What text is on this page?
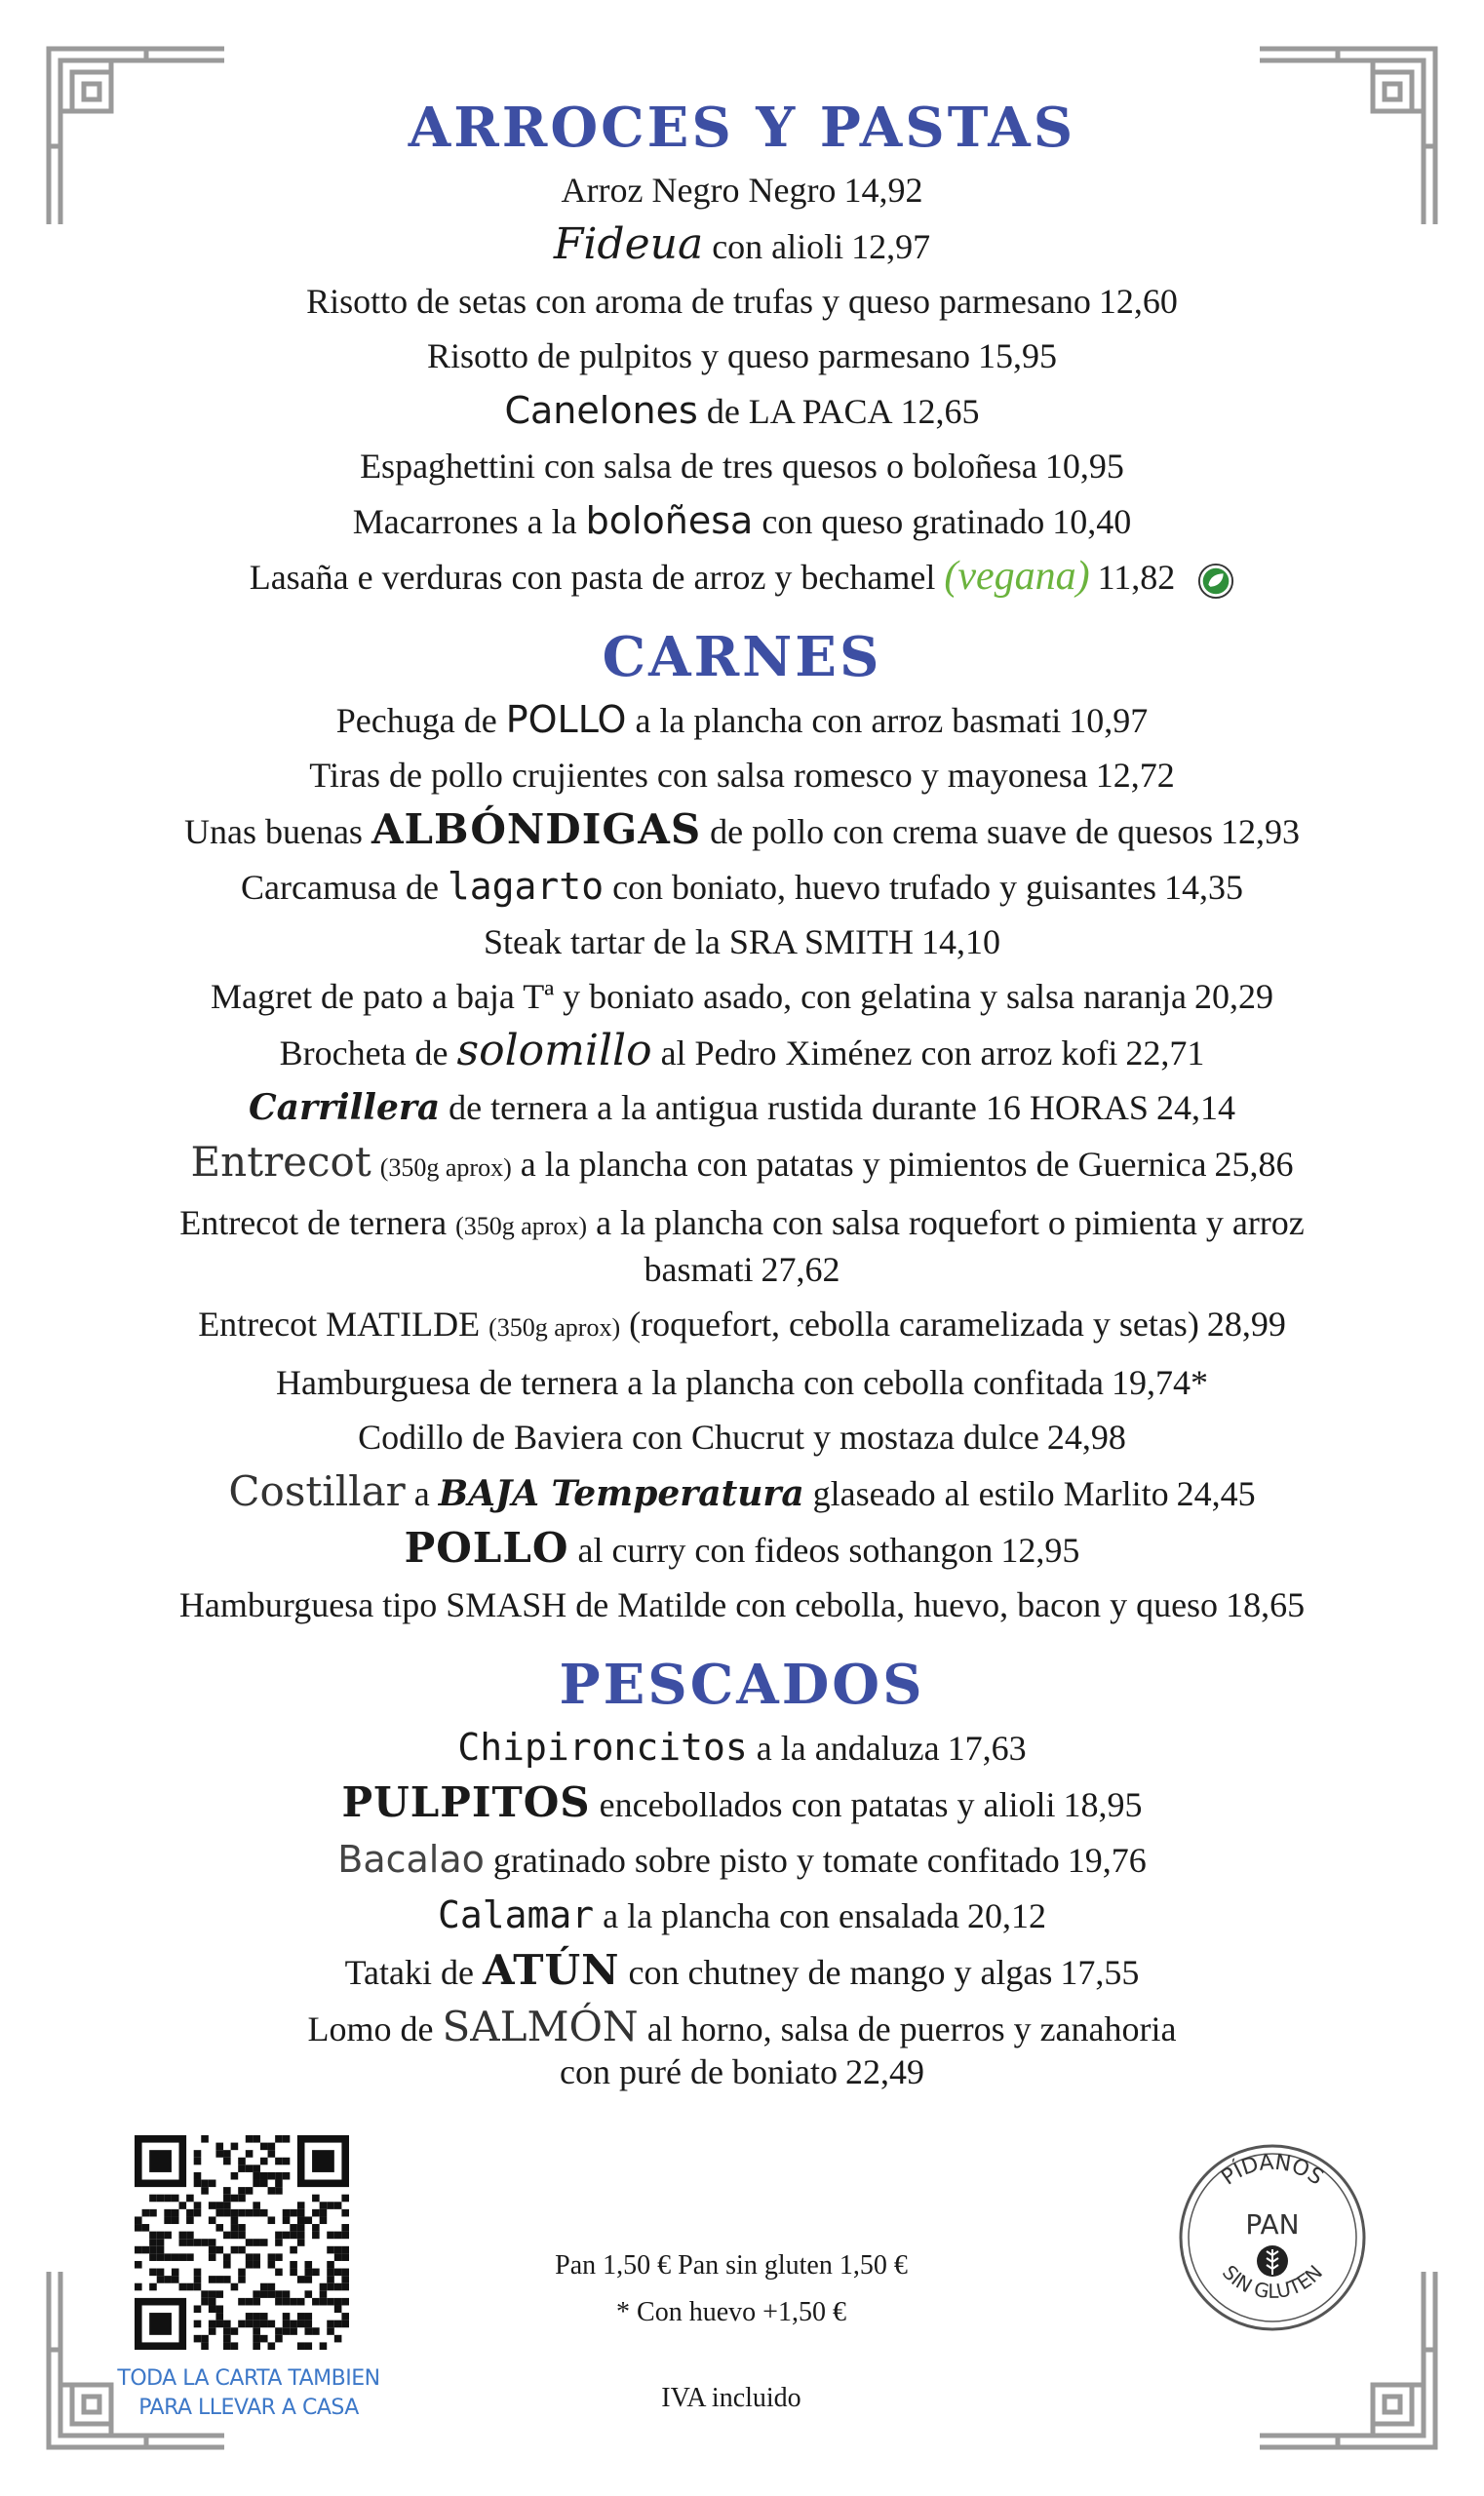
ARROCES Y PASTAS
Arroz Negro Negro 14,92
Fideua con alioli 12,97
Risotto de setas con aroma de trufas y queso parmesano 12,60
Risotto de pulpitos y queso parmesano 15,95
Canelones de LA PACA 12,65
Espaghettini con salsa de tres quesos o boloñesa 10,95
Macarrones a la boloñesa con queso gratinado 10,40
Lasaña e verduras con pasta de arroz y bechamel (vegana) 11,82
CARNES
Pechuga de POLLO a la plancha con arroz basmati 10,97
Tiras de pollo crujientes con salsa romesco y mayonesa 12,72
Unas buenas ALBÓNDIGAS de pollo con crema suave de quesos 12,93
Carcamusa de lagarto con boniato, huevo trufado y guisantes 14,35
Steak tartar de la SRA SMITH 14,10
Magret de pato a baja Tª y boniato asado, con gelatina y salsa naranja 20,29
Brocheta de solomillo al Pedro Ximénez con arroz kofi 22,71
Carrillera de ternera a la antigua rustida durante 16 HORAS 24,14
Entrecot (350g aprox) a la plancha con patatas y pimientos de Guernica 25,86
Entrecot de ternera (350g aprox) a la plancha con salsa roquefort o pimienta y arroz basmati 27,62
Entrecot MATILDE (350g aprox) (roquefort, cebolla caramelizada y setas) 28,99
Hamburguesa de ternera a la plancha con cebolla confitada 19,74*
Codillo de Baviera con Chucrut y mostaza dulce 24,98
Costillar a BAJA Temperatura glaseado al estilo Marlito 24,45
POLLO al curry con fideos sothangon 12,95
Hamburguesa tipo SMASH de Matilde con cebolla, huevo, bacon y queso 18,65
PESCADOS
Chipironcitos a la andaluza 17,63
PULPITOS encebollados con patatas y alioli 18,95
Bacalao gratinado sobre pisto y tomate confitado 19,76
Calamar a la plancha con ensalada 20,12
Tataki de ATÚN con chutney de mango y algas 17,55
Lomo de SALMÓN al horno, salsa de puerros y zanahoria con puré de boniato 22,49
TODA LA CARTA TAMBIEN
PARA LLEVAR A CASA
Pan 1,50 € Pan sin gluten 1,50 €
* Con huevo +1,50 €
IVA incluido
PÍDANOS
PAN
SIN GLUTEN
